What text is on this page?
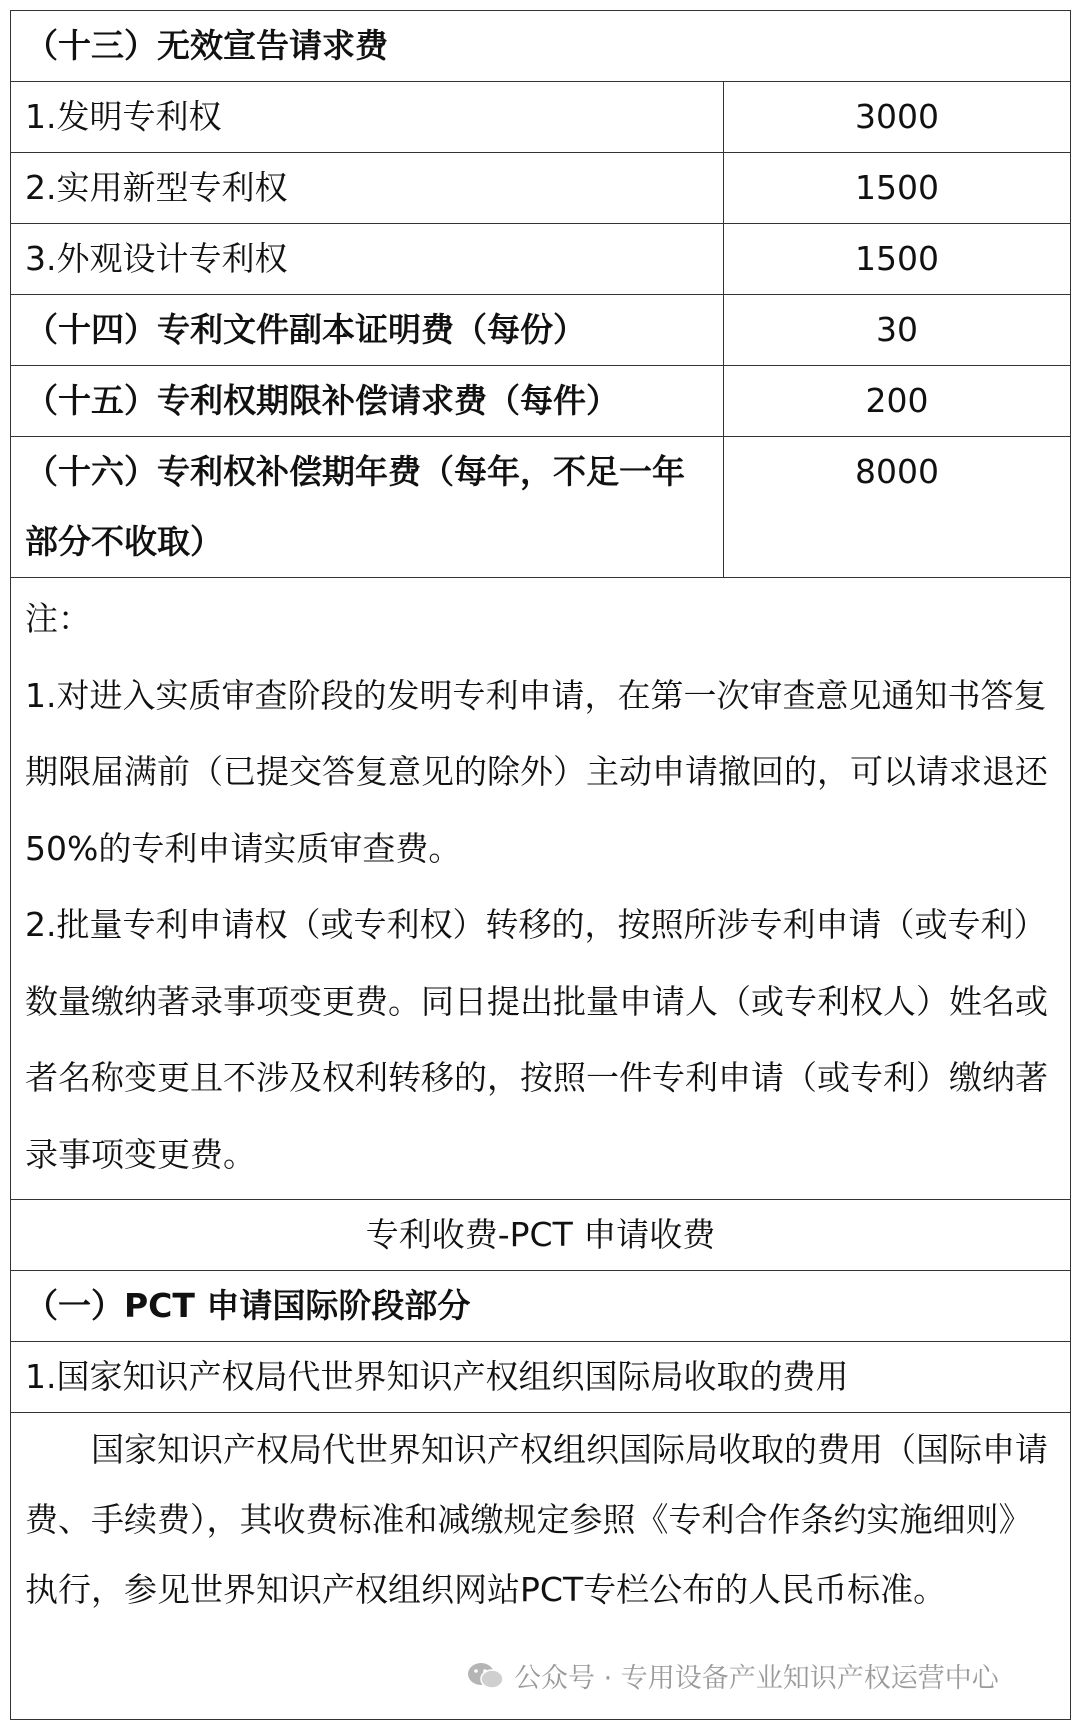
（十三）无效宣告请求费	
1.发明专利权	3000
2.实用新型专利权	1500
3.外观设计专利权	1500
（十四）专利文件副本证明费（每份）	30
（十五）专利权期限补偿请求费（每件）	200
（十六）专利权补偿期年费（每年，不足一年部分不收取）	8000

注：

1.对进入实质审查阶段的发明专利申请，在第一次审查意见通知书答复期限届满前（已提交答复意见的除外）主动申请撤回的，可以请求退还50%的专利申请实质审查费。

2.批量专利申请权（或专利权）转移的，按照所涉专利申请（或专利）数量缴纳著录事项变更费。同日提出批量申请人（或专利权人）姓名或者名称变更且不涉及权利转移的，按照一件专利申请（或专利）缴纳著录事项变更费。	

专利收费-PCT 申请收费	
（一）PCT 申请国际阶段部分	
1.国家知识产权局代世界知识产权组织国际局收取的费用	
国家知识产权局代世界知识产权组织国际局收取的费用（国际申请费、手续费），其收费标准和减缴规定参照《专利合作条约实施细则》执行，参见世界知识产权组织网站PCT专栏公布的人民币标准。	
公众号 · 专用设备产业知识产权运营中心
